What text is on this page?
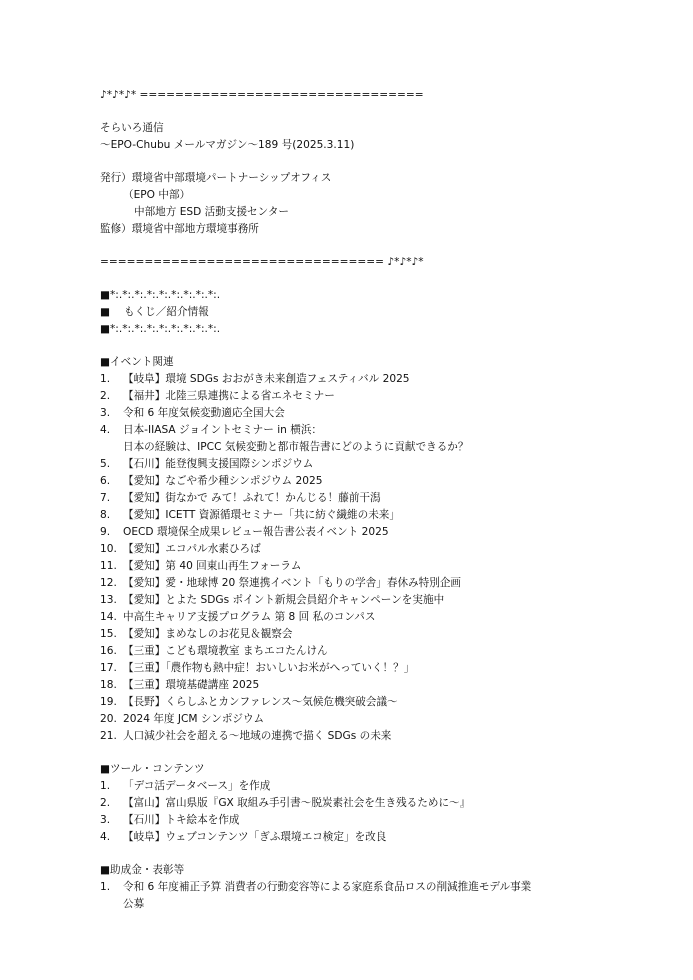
♪*♪*♪* ================================
そらいろ通信
～EPO-Chubu メールマガジン～189 号(2025.3.11)
発行）環境省中部環境パートナーシップオフィス
（EPO 中部）
中部地方 ESD 活動支援センター
監修）環境省中部地方環境事務所
================================ ♪*♪*♪*
■*:.*:.*:.*:.*:.*:.*:.*:.*:.
■　 もくじ／紹介情報
■*:.*:.*:.*:.*:.*:.*:.*:.*:.
■イベント関連
1. 【岐阜】環境 SDGs おおがき未来創造フェスティバル 2025
2. 【福井】北陸三県連携による省エネセミナー
3. 令和 6 年度気候変動適応全国大会
4. 日本-IIASA ジョイントセミナー in 横浜：
日本の経験は、IPCC 気候変動と都市報告書にどのように貢献できるか？
5. 【石川】能登復興支援国際シンポジウム
6. 【愛知】なごや希少種シンポジウム 2025
7. 【愛知】街なかで みて！ふれて！かんじる！藤前干潟
8. 【愛知】ICETT 資源循環セミナー「共に紡ぐ繊維の未来」
9. OECD 環境保全成果レビュー報告書公表イベント 2025
10. 【愛知】エコパル水素ひろば
11. 【愛知】第 40 回東山再生フォーラム
12. 【愛知】愛・地球博 20 祭連携イベント「もりの学舎」春休み特別企画
13. 【愛知】とよた SDGs ポイント新規会員紹介キャンペーンを実施中
14. 中高生キャリア支援プログラム 第 8 回 私のコンパス
15. 【愛知】まめなしのお花見＆観察会
16. 【三重】こども環境教室 まちエコたんけん
17. 【三重】「農作物も熱中症！おいしいお米がへっていく！？」
18. 【三重】環境基礎講座 2025
19. 【長野】くらしふとカンファレンス～気候危機突破会議～
20. 2024 年度 JCM シンポジウム
21. 人口減少社会を超える～地域の連携で描く SDGs の未来
■ツール・コンテンツ
1. 「デコ活データベース」を作成
2. 【富山】富山県版『GX 取組み手引書～脱炭素社会を生き残るために～』
3. 【石川】トキ絵本を作成
4. 【岐阜】ウェブコンテンツ「ぎふ環境エコ検定」を改良
■助成金・表彰等
1. 令和 6 年度補正予算 消費者の行動変容等による家庭系食品ロスの削減推進モデル事業
公募
